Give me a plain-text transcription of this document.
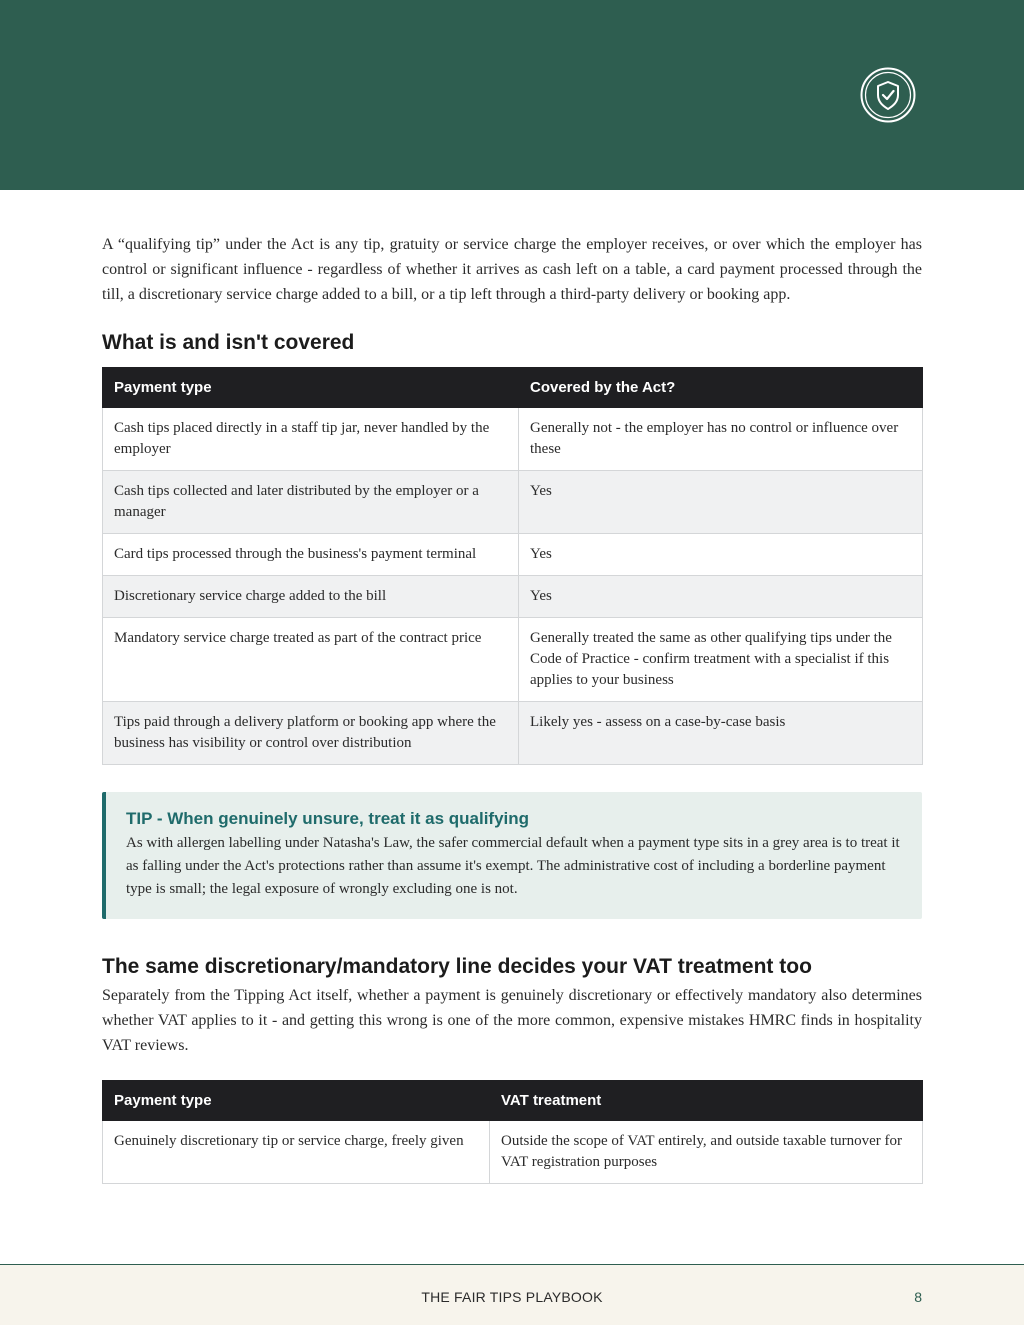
A “qualifying tip” under the Act is any tip, gratuity or service charge the employer receives, or over which the employer has control or significant influence - regardless of whether it arrives as cash left on a table, a card payment processed through the till, a discretionary service charge added to a bill, or a tip left through a third-party delivery or booking app.

What is and isn't covered
Payment type	Covered by the Act?
Cash tips placed directly in a staff tip jar, never handled by the employer	Generally not - the employer has no control or influence over these
Cash tips collected and later distributed by the employer or a manager	Yes
Card tips processed through the business's payment terminal	Yes
Discretionary service charge added to the bill	Yes
Mandatory service charge treated as part of the contract price	Generally treated the same as other qualifying tips under the Code of Practice - confirm treatment with a specialist if this applies to your business
Tips paid through a delivery platform or booking app where the business has visibility or control over distribution	Likely yes - assess on a case-by-case basis
TIP - When genuinely unsure, treat it as qualifying
As with allergen labelling under Natasha's Law, the safer commercial default when a payment type sits in a grey area is to treat it as falling under the Act's protections rather than assume it's exempt. The administrative cost of including a borderline payment type is small; the legal exposure of wrongly excluding one is not.
The same discretionary/mandatory line decides your VAT treatment too

Separately from the Tipping Act itself, whether a payment is genuinely discretionary or effectively mandatory also determines whether VAT applies to it - and getting this wrong is one of the more common, expensive mistakes HMRC finds in hospitality VAT reviews.

Payment type	VAT treatment
Genuinely discretionary tip or service charge, freely given	Outside the scope of VAT entirely, and outside taxable turnover for VAT registration purposes
THE FAIR TIPS PLAYBOOK	8
